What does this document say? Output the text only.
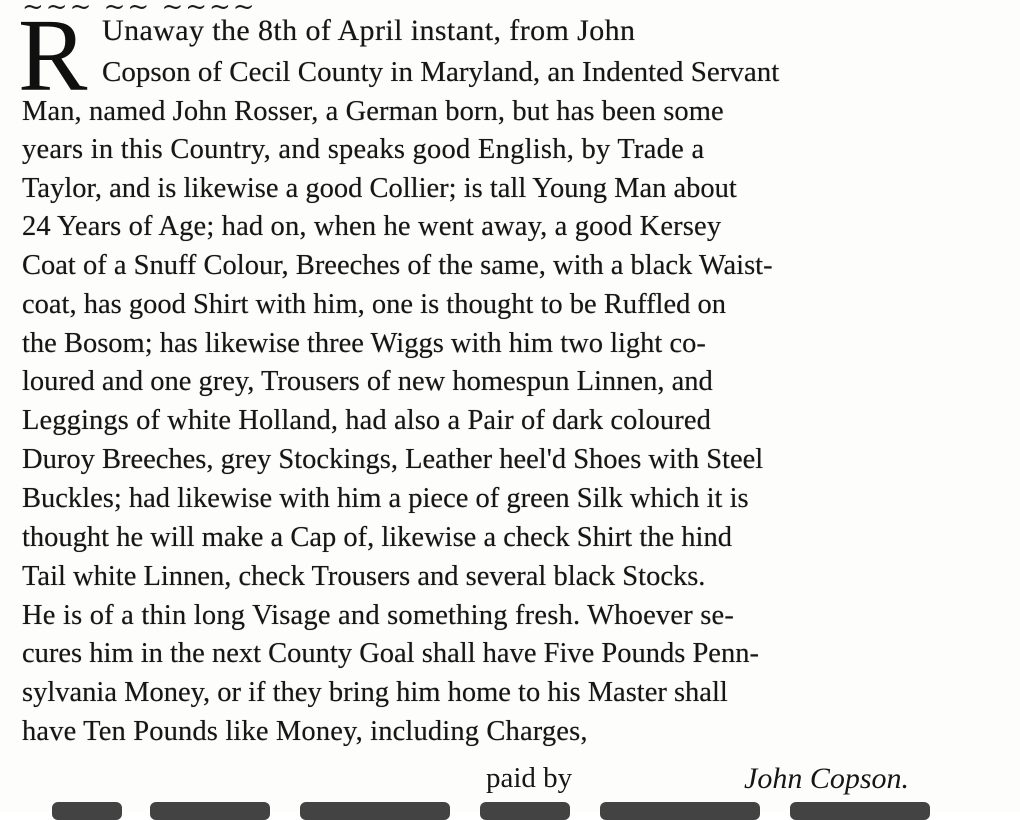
~~~ ~~ ~~~~
R Unaway the 8th of April instant, from John
Copson of Cecil County in Maryland, an Indented Servant
Man, named John Rosser, a German born, but has been some
years in this Country, and speaks good English, by Trade a
Taylor, and is likewise a good Collier; is tall Young Man about
24 Years of Age; had on, when he went away, a good Kersey
Coat of a Snuff Colour, Breeches of the same, with a black Waist-
coat, has good Shirt with him, one is thought to be Ruffled on
the Bosom; has likewise three Wiggs with him two light co-
loured and one grey, Trousers of new homespun Linnen, and
Leggings of white Holland, had also a Pair of dark coloured
Duroy Breeches, grey Stockings, Leather heel'd Shoes with Steel
Buckles; had likewise with him a piece of green Silk which it is
thought he will make a Cap of, likewise a check Shirt the hind
Tail white Linnen, check Trousers and several black Stocks.
He is of a thin long Visage and something fresh. Whoever se-
cures him in the next County Goal shall have Five Pounds Penn-
sylvania Money, or if they bring him home to his Master shall
have Ten Pounds like Money, including Charges,
paid by	John Copson.
